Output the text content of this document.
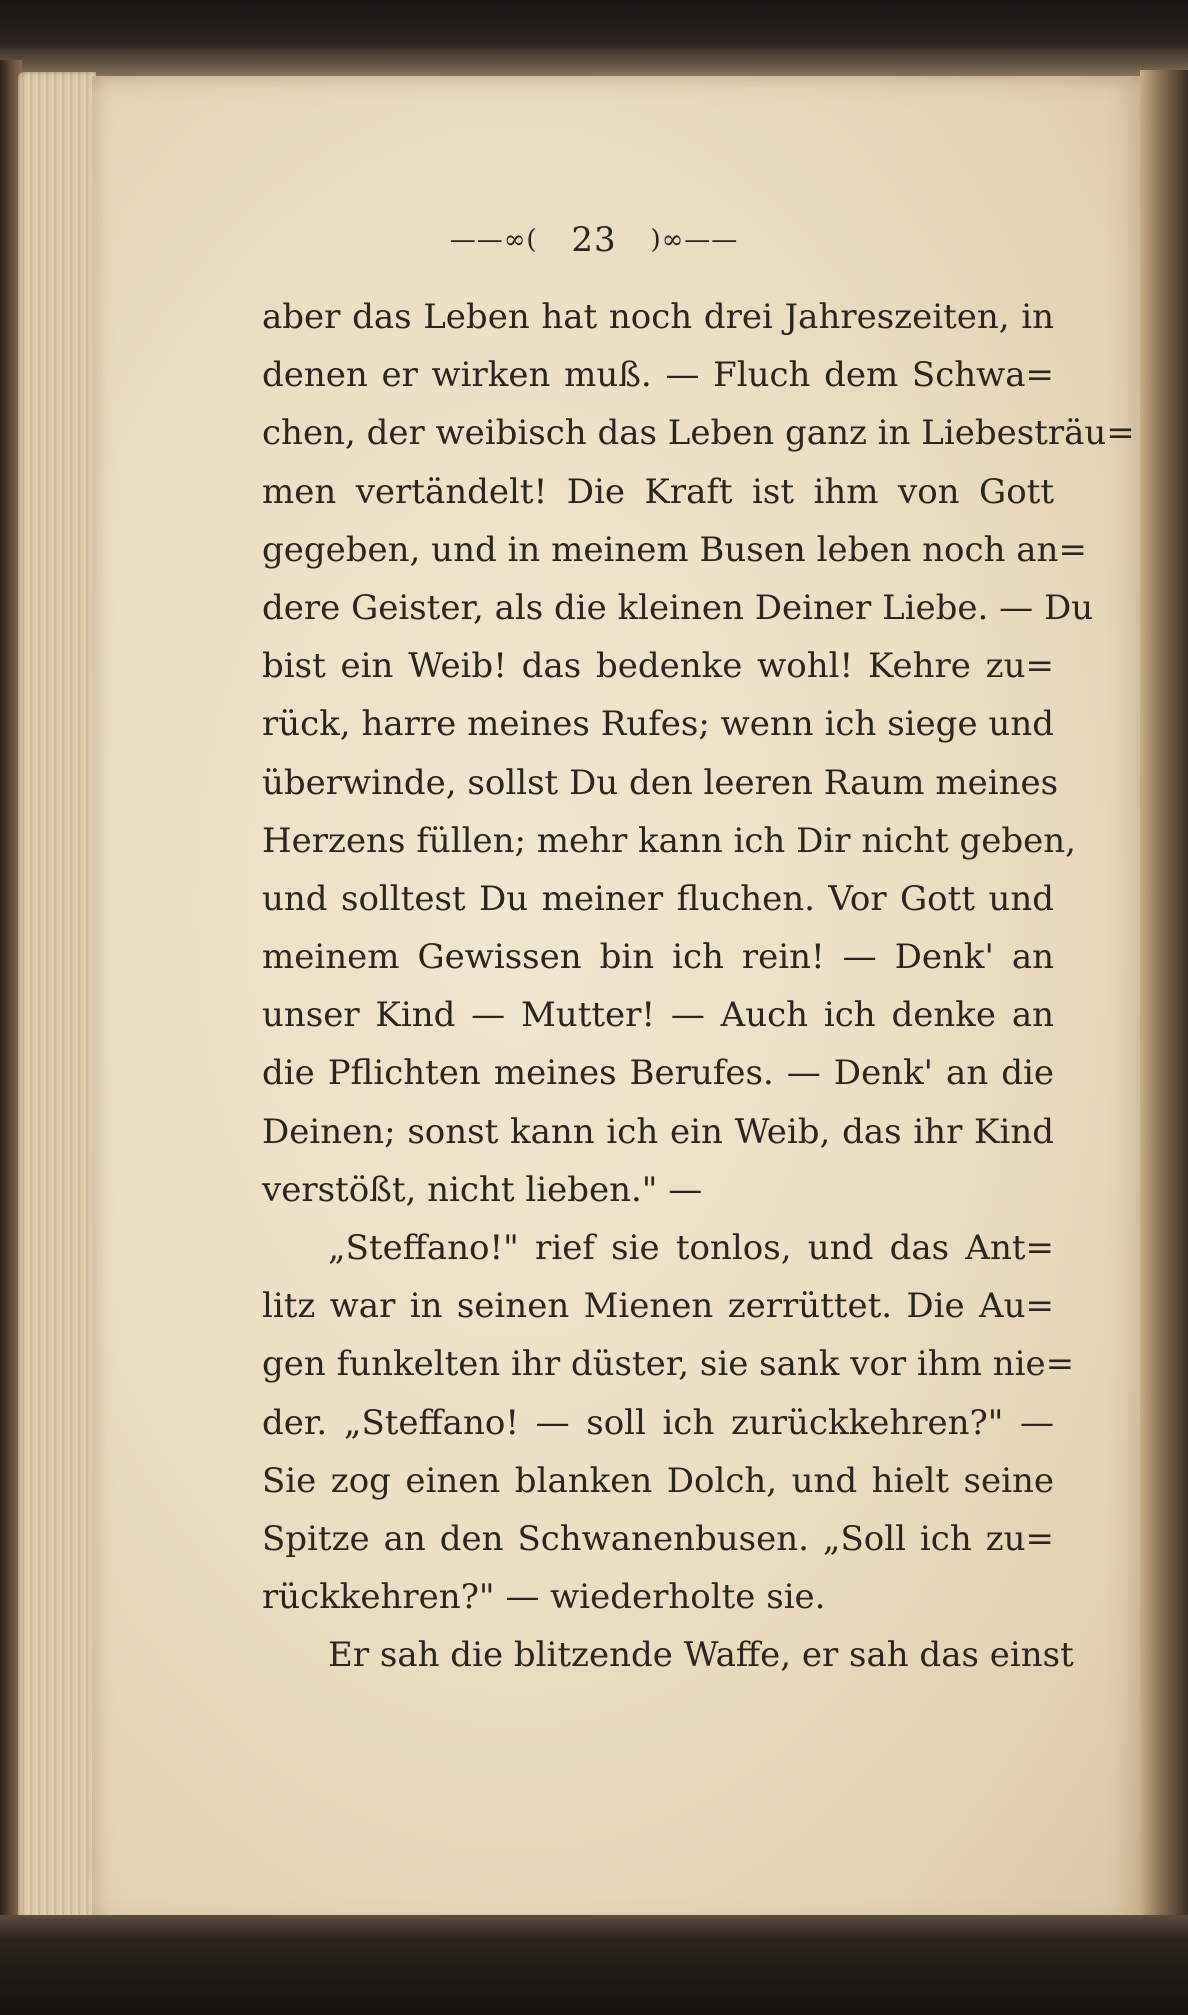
——∞( 23 )∞——
aber das Leben hat noch drei Jahreszeiten, in
denen er wirken muß. — Fluch dem Schwa=
chen, der weibisch das Leben ganz in Liebesträu=
men vertändelt! Die Kraft ist ihm von Gott
gegeben, und in meinem Busen leben noch an=
dere Geister, als die kleinen Deiner Liebe. — Du
bist ein Weib! das bedenke wohl! Kehre zu=
rück, harre meines Rufes; wenn ich siege und
überwinde, sollst Du den leeren Raum meines
Herzens füllen; mehr kann ich Dir nicht geben,
und solltest Du meiner fluchen. Vor Gott und
meinem Gewissen bin ich rein! — Denk' an
unser Kind — Mutter! — Auch ich denke an
die Pflichten meines Berufes. — Denk' an die
Deinen; sonst kann ich ein Weib, das ihr Kind
verstößt, nicht lieben." —
„Steffano!" rief sie tonlos, und das Ant=
litz war in seinen Mienen zerrüttet. Die Au=
gen funkelten ihr düster, sie sank vor ihm nie=
der. „Steffano! — soll ich zurückkehren?" —
Sie zog einen blanken Dolch, und hielt seine
Spitze an den Schwanenbusen. „Soll ich zu=
rückkehren?" — wiederholte sie.
Er sah die blitzende Waffe, er sah das einst
